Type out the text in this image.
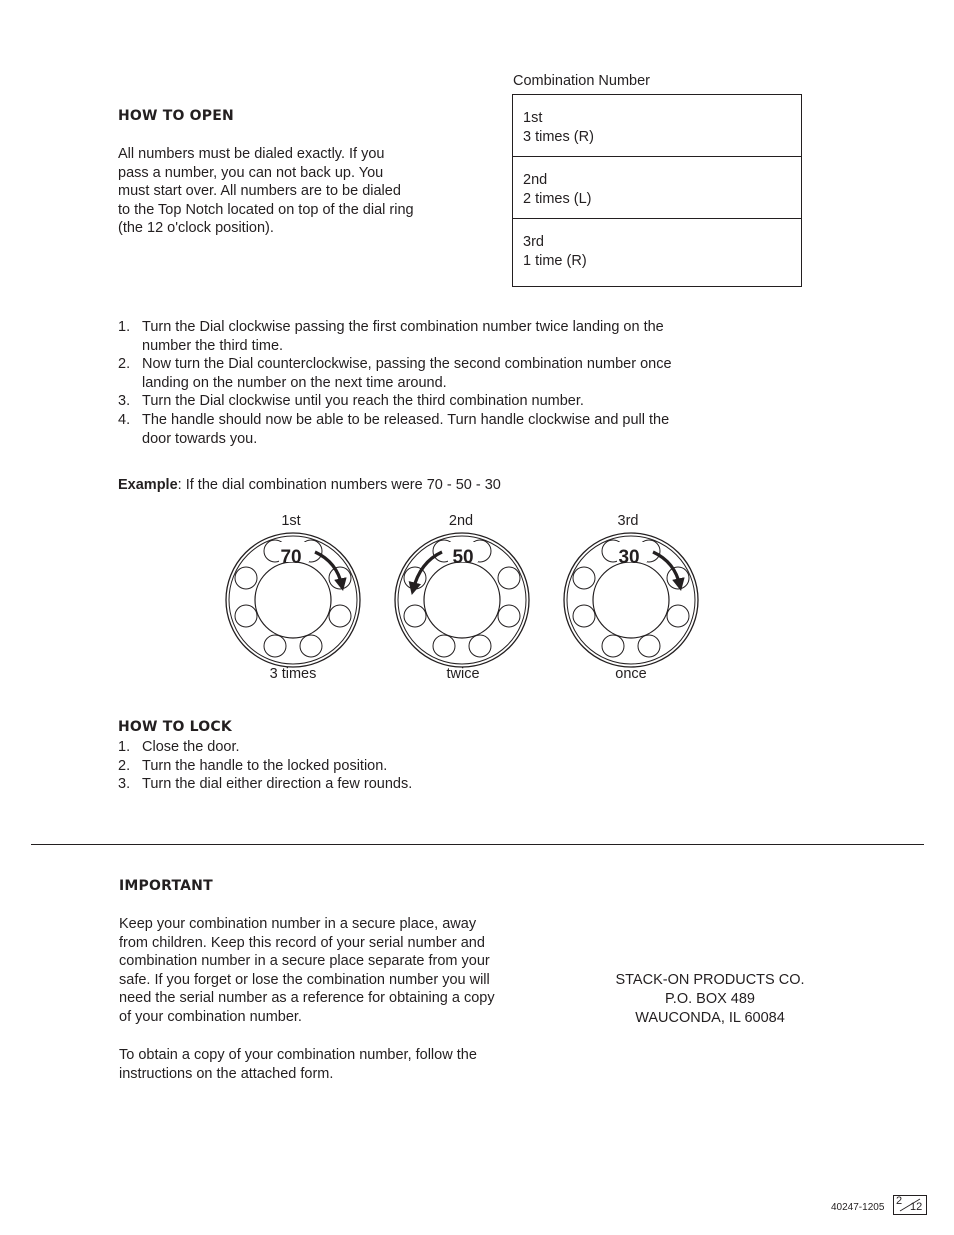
HOW TO OPEN
All numbers must be dialed exactly. If you
pass a number, you can not back up. You
must start over. All numbers are to be dialed
to the Top Notch located on top of the dial ring
(the 12 o'clock position).
Combination Number
1st
3 times (R)
2nd
2 times (L)
3rd
1 time (R)
1. Turn the Dial clockwise passing the first combination number twice landing on the
number the third time.
2. Now turn the Dial counterclockwise, passing the second combination number once
landing on the number on the next time around.
3. Turn the Dial clockwise until you reach the third combination number.
4. The handle should now be able to be released. Turn handle clockwise and pull the
door towards you.
Example: If the dial combination numbers were 70 - 50 - 30
1st	2nd	3rd
70	50	30
3 times	twice	once
HOW TO LOCK
1. Close the door.
2. Turn the handle to the locked position.
3. Turn the dial either direction a few rounds.
IMPORTANT
Keep your combination number in a secure place, away
from children. Keep this record of your serial number and
combination number in a secure place separate from your
safe. If you forget or lose the combination number you will
need the serial number as a reference for obtaining a copy
of your combination number.
To obtain a copy of your combination number, follow the
instructions on the attached form.
STACK-ON PRODUCTS CO.
P.O. BOX 489
WAUCONDA, IL 60084
40247-1205
2 12
